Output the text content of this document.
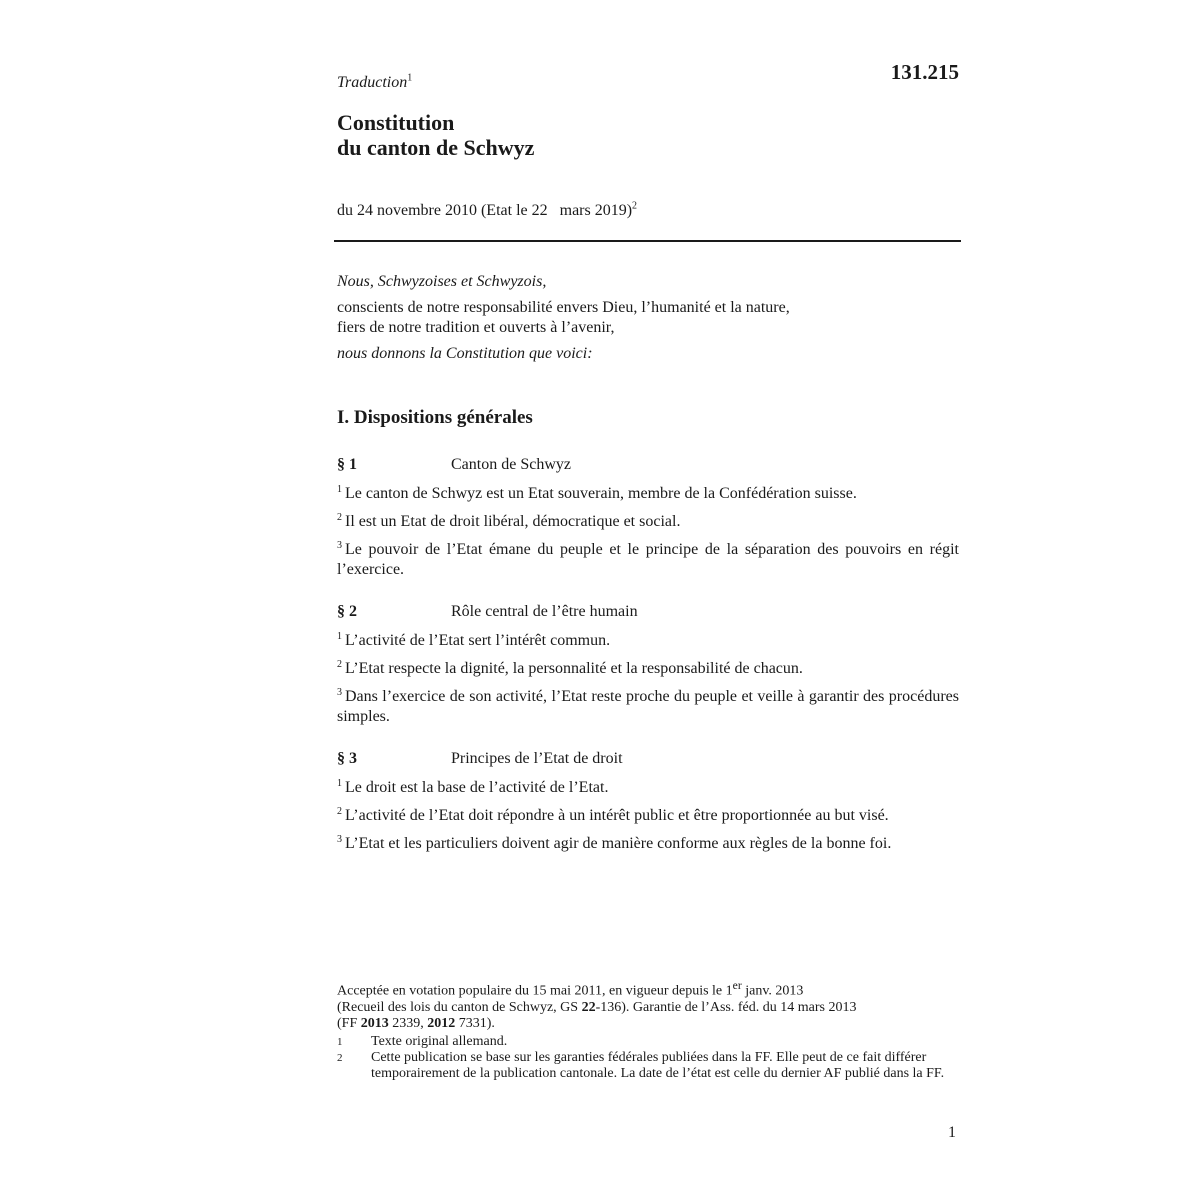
131.215
Traduction$^1$
Constitution
du canton de Schwyz
du 24 novembre 2010 (Etat le 22   mars 2019)$^2$

Nous, Schwyzoises et Schwyzois,

conscients de notre responsabilité envers Dieu, l’humanité et la nature,

fiers de notre tradition et ouverts à l’avenir,

nous donnons la Constitution que voici:

I. Dispositions générales
§ 1	Canton de Schwyz

$^1$ Le canton de Schwyz est un Etat souverain, membre de la Confédération suisse.

$^2$ Il est un Etat de droit libéral, démocratique et social.

$^3$ Le pouvoir de l’Etat émane du peuple et le principe de la séparation des pouvoirs en régit l’exercice.

§ 2	Rôle central de l’être humain

$^1$ L’activité de l’Etat sert l’intérêt commun.

$^2$ L’Etat respecte la dignité, la personnalité et la responsabilité de chacun.

$^3$ Dans l’exercice de son activité, l’Etat reste proche du peuple et veille à garantir des procédures simples.

§ 3	Principes de l’Etat de droit

$^1$ Le droit est la base de l’activité de l’Etat.

$^2$ L’activité de l’Etat doit répondre à un intérêt public et être proportionnée au but visé.

$^3$ L’Etat et les particuliers doivent agir de manière conforme aux règles de la bonne foi.

Acceptée en votation populaire du 15 mai 2011, en vigueur depuis le 1er janv. 2013
(Recueil des lois du canton de Schwyz, GS 22-136). Garantie de l’Ass. féd. du 14 mars 2013
(FF 2013 2339, 2012 7331).

1	Texte original allemand.
2	Cette publication se base sur les garanties fédérales publiées dans la FF. Elle peut de ce fait différer temporairement de la publication cantonale. La date de l’état est celle du dernier AF publié dans la FF.
1
